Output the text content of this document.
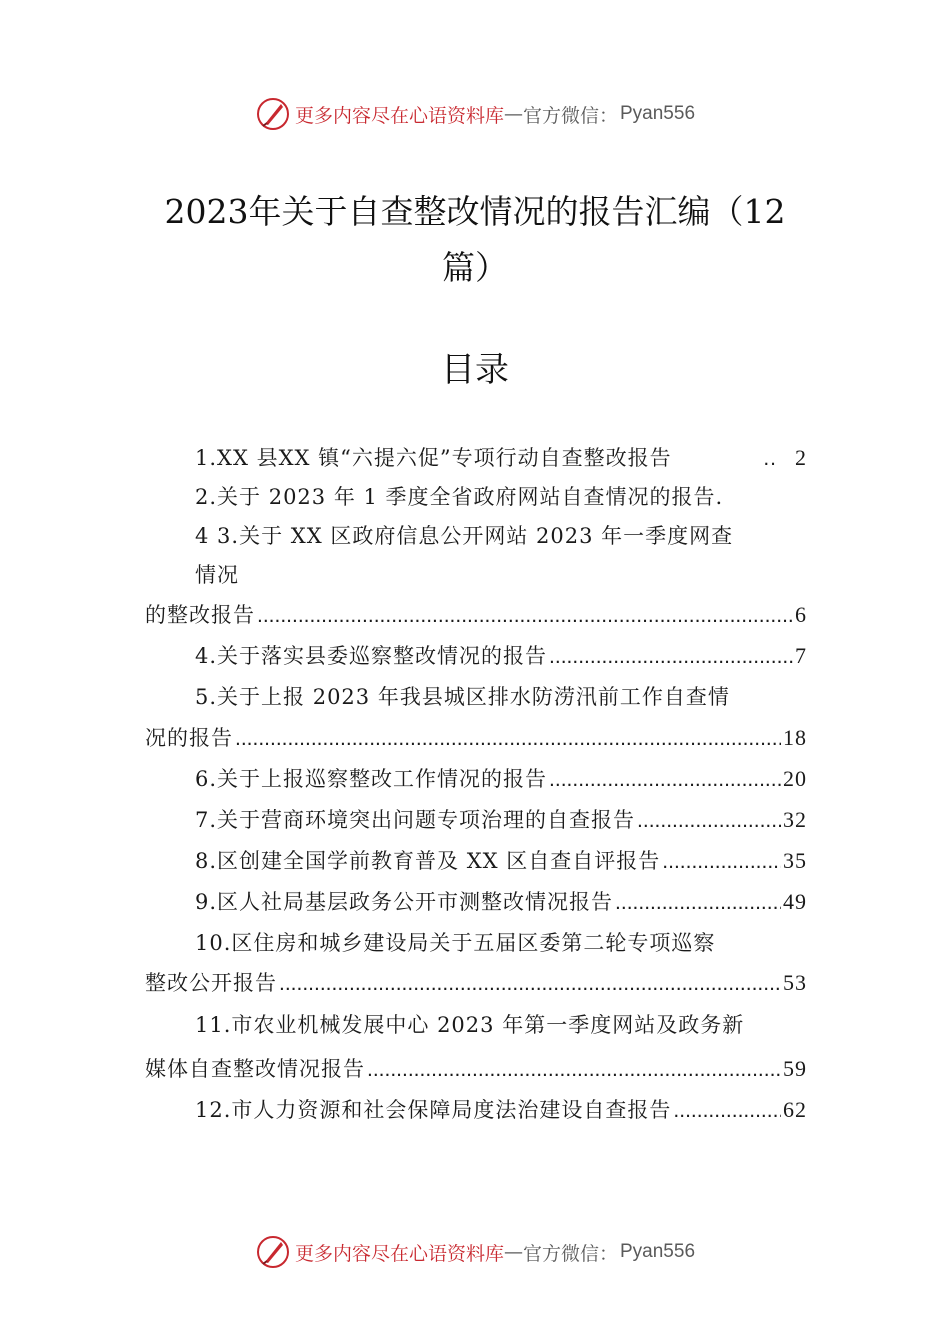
更多内容尽在心语资料库 — 官方微信： Pyan556
2023年关于自查整改情况的报告汇编（12
篇）
目录
1.XX 县XX 镇“六提六促”专项行动自查整改报告	.. 2
2.关于 2023 年 1 季度全省政府网站自查情况的报告.
4 3.关于 XX 区政府信息公开网站 2023 年一季度网查
情况
的整改报告 .....	6
4.关于落实县委巡察整改情况的报告 .....	7
5.关于上报 2023 年我县城区排水防涝汛前工作自查情
况的报告 .....	18
6.关于上报巡察整改工作情况的报告 .....	20
7.关于营商环境突出问题专项治理的自查报告 .....	32
8.区创建全国学前教育普及 XX 区自查自评报告 .....	35
9.区人社局基层政务公开市测整改情况报告 .....	49
10.区住房和城乡建设局关于五届区委第二轮专项巡察
整改公开报告 .....	53
11.市农业机械发展中心 2023 年第一季度网站及政务新
媒体自查整改情况报告 .....	59
12.市人力资源和社会保障局度法治建设自查报告 .....	62
更多内容尽在心语资料库 — 官方微信： Pyan556
